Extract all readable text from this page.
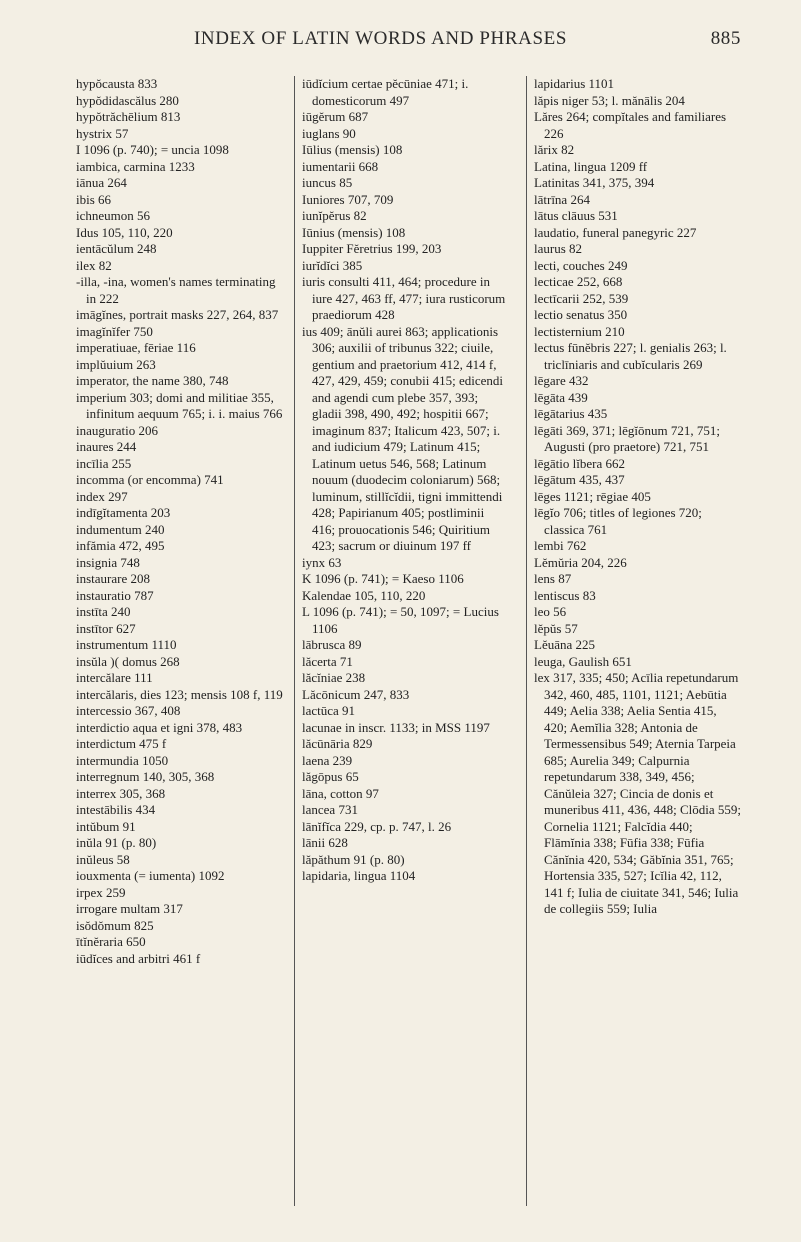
INDEX OF LATIN WORDS AND PHRASES	885

hypŏcausta 833

hypŏdidascălus 280

hypŏtrăchēlium 813

hystrix 57

I 1096 (p. 740); = uncia 1098

iambica, carmina 1233

iānua 264

ibis 66

ichneumon 56

Idus 105, 110, 220

ientācŭlum 248

ilex 82

-illa, -ina, women's names terminating in 222

imāgĭnes, portrait masks 227, 264, 837

imagĭnĭfer 750

imperatiuae, fēriae 116

implŭuium 263

imperator, the name 380, 748

imperium 303; domi and militiae 355, infinitum aequum 765; i. i. maius 766

inauguratio 206

inaures 244

incīlia 255

incomma (or encomma) 741

index 297

indīgĭtamenta 203

indumentum 240

infămia 472, 495

insignia 748

instaurare 208

instauratio 787

instīta 240

instītor 627

instrumentum 1110

insŭla )( domus 268

intercălare 111

intercălaris, dies 123; mensis 108 f, 119

intercessio 367, 408

interdictio aqua et igni 378, 483

interdictum 475 f

intermundia 1050

interregnum 140, 305, 368

interrex 305, 368

intestābilis 434

intŭbum 91

inŭla 91 (p. 80)

inŭleus 58

iouxmenta (= iumenta) 1092

irpex 259

irrogare multam 317

isŏdŏmum 825

ītĭnĕraria 650

iūdĭces and arbitri 461 f

iūdĭcium certae pĕcūniae 471; i. domesticorum 497

iūgĕrum 687

iuglans 90

Iūlius (mensis) 108

iumentarii 668

iuncus 85

Iuniores 707, 709

iunĭpĕrus 82

Iūnius (mensis) 108

Iuppiter Fĕretrius 199, 203

iurĭdĭci 385

iuris consulti 411, 464; procedure in iure 427, 463 ff, 477; iura rusticorum praediorum 428

ius 409; ānŭli aurei 863; applicationis 306; auxilii of tribunus 322; ciuile, gentium and praetorium 412, 414 f, 427, 429, 459; conubii 415; edicendi and agendi cum plebe 357, 393; gladii 398, 490, 492; hospitii 667; imaginum 837; Italicum 423, 507; i. and iudicium 479; Latinum 415; Latinum uetus 546, 568; Latinum nouum (duodecim coloniarum) 568; luminum, stillĭcĭdii, tigni immittendi 428; Papirianum 405; postliminii 416; prouocationis 546; Quiritium 423; sacrum or diuinum 197 ff

iynx 63

K 1096 (p. 741); = Kaeso 1106

Kalendae 105, 110, 220

L 1096 (p. 741); = 50, 1097; = Lucius 1106

lābrusca 89

lăcerta 71

lăcĭniae 238

Lăcōnicum 247, 833

lactūca 91

lacunae in inscr. 1133; in MSS 1197

lăcūnāria 829

laena 239

lăgōpus 65

lāna, cotton 97

lancea 731

lānĭfĭca 229, cp. p. 747, l. 26

lānii 628

lăpăthum 91 (p. 80)

lapidaria, lingua 1104

lapidarius 1101

lăpis niger 53; l. mănālis 204

Lăres 264; compĭtales and familiares 226

lărix 82

Latina, lingua 1209 ff

Latinitas 341, 375, 394

lātrīna 264

lātus clāuus 531

laudatio, funeral panegyric 227

laurus 82

lecti, couches 249

lecticae 252, 668

lectīcarii 252, 539

lectio senatus 350

lectisternium 210

lectus fūnĕbris 227; l. genialis 263; l. triclīniaris and cubĭcularis 269

lēgare 432

lēgāta 439

lēgātarius 435

lēgāti 369, 371; lēgĭōnum 721, 751; Augusti (pro praetore) 721, 751

lēgātio lĭbera 662

lēgātum 435, 437

lēges 1121; rēgiae 405

lēgĭo 706; titles of legiones 720; classica 761

lembi 762

Lĕmŭria 204, 226

lens 87

lentiscus 83

leo 56

lĕpŭs 57

Lĕuāna 225

leuga, Gaulish 651

lex 317, 335; 450; Acīlia repetundarum 342, 460, 485, 1101, 1121; Aebūtia 449; Aelia 338; Aelia Sentia 415, 420; Aemĭlia 328; Antonia de Termessensibus 549; Aternia Tarpeia 685; Aurelia 349; Calpurnia repetundarum 338, 349, 456; Cănŭleia 327; Cincia de donis et muneribus 411, 436, 448; Clōdia 559; Cornelia 1121; Falcĭdia 440; Flāmĭnia 338; Fūfia 338; Fūfia Cănĭnia 420, 534; Găbĭnia 351, 765; Hortensia 335, 527; Icĭlia 42, 112, 141 f; Iulia de ciuitate 341, 546; Iulia de collegiis 559; Iulia
